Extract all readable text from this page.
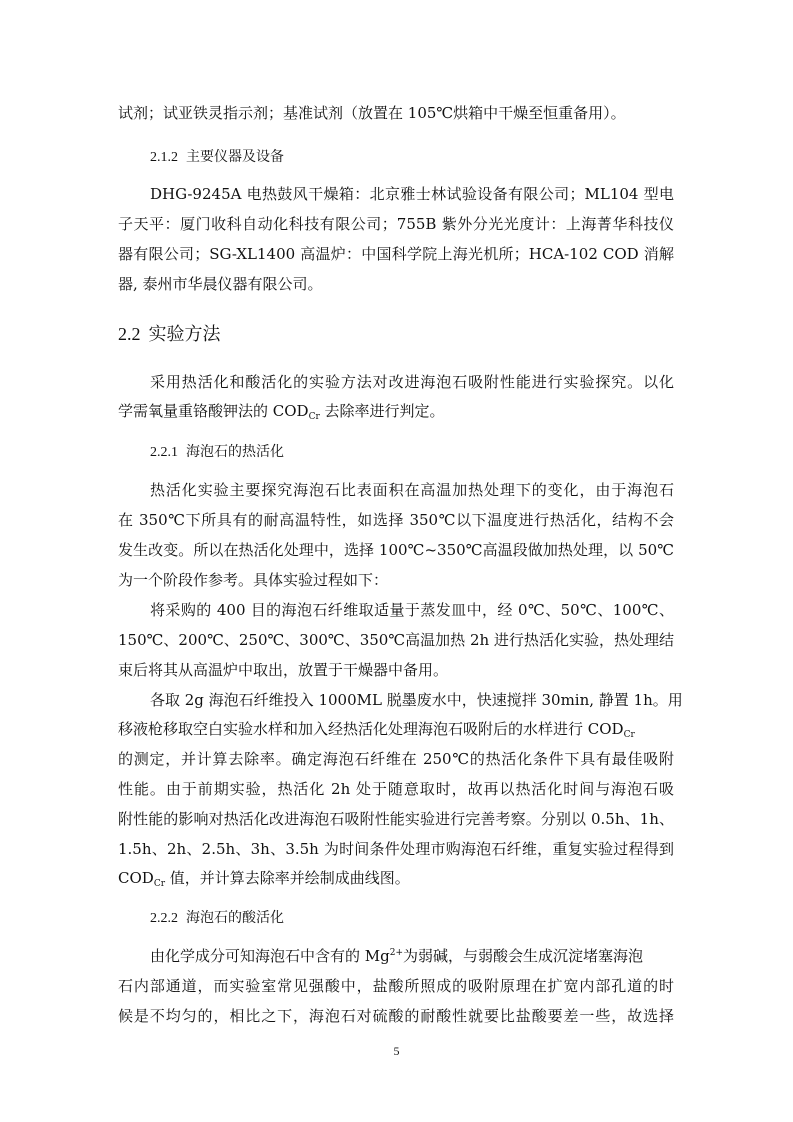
试剂；试亚铁灵指示剂；基准试剂（放置在 105℃烘箱中干燥至恒重备用）。
2.1.2 主要仪器及设备
DHG-9245A 电热鼓风干燥箱：北京雅士林试验设备有限公司；ML104 型电
子天平：厦门收科自动化科技有限公司；755B 紫外分光光度计：上海菁华科技仪
器有限公司；SG-XL1400 高温炉：中国科学院上海光机所；HCA-102 COD 消解
器, 泰州市华晨仪器有限公司。
2.2 实验方法
采用热活化和酸活化的实验方法对改进海泡石吸附性能进行实验探究。以化
学需氧量重铬酸钾法的 $COD_{Cr}$ 去除率进行判定。
2.2.1 海泡石的热活化
热活化实验主要探究海泡石比表面积在高温加热处理下的变化，由于海泡石
在 350℃下所具有的耐高温特性，如选择 350℃以下温度进行热活化，结构不会
发生改变。所以在热活化处理中，选择 100℃~350℃高温段做加热处理，以 50℃
为一个阶段作参考。具体实验过程如下：
将采购的 400 目的海泡石纤维取适量于蒸发皿中，经 0℃、50℃、100℃、
150℃、200℃、250℃、300℃、350℃高温加热 2h 进行热活化实验，热处理结
束后将其从高温炉中取出，放置于干燥器中备用。
各取 2g 海泡石纤维投入 1000ML 脱墨废水中，快速搅拌 30min, 静置 1h。用
移液枪移取空白实验水样和加入经热活化处理海泡石吸附后的水样进行 $COD_{Cr}$
的测定，并计算去除率。确定海泡石纤维在 250℃的热活化条件下具有最佳吸附
性能。由于前期实验，热活化 2h 处于随意取时，故再以热活化时间与海泡石吸
附性能的影响对热活化改进海泡石吸附性能实验进行完善考察。分别以 0.5h、1h、
1.5h、2h、2.5h、3h、3.5h 为时间条件处理市购海泡石纤维，重复实验过程得到
$COD_{Cr}$ 值，并计算去除率并绘制成曲线图。
2.2.2 海泡石的酸活化
由化学成分可知海泡石中含有的 $Mg^{2+}$为弱碱，与弱酸会生成沉淀堵塞海泡
石内部通道，而实验室常见强酸中，盐酸所照成的吸附原理在扩宽内部孔道的时
候是不均匀的，相比之下，海泡石对硫酸的耐酸性就要比盐酸要差一些，故选择
5
